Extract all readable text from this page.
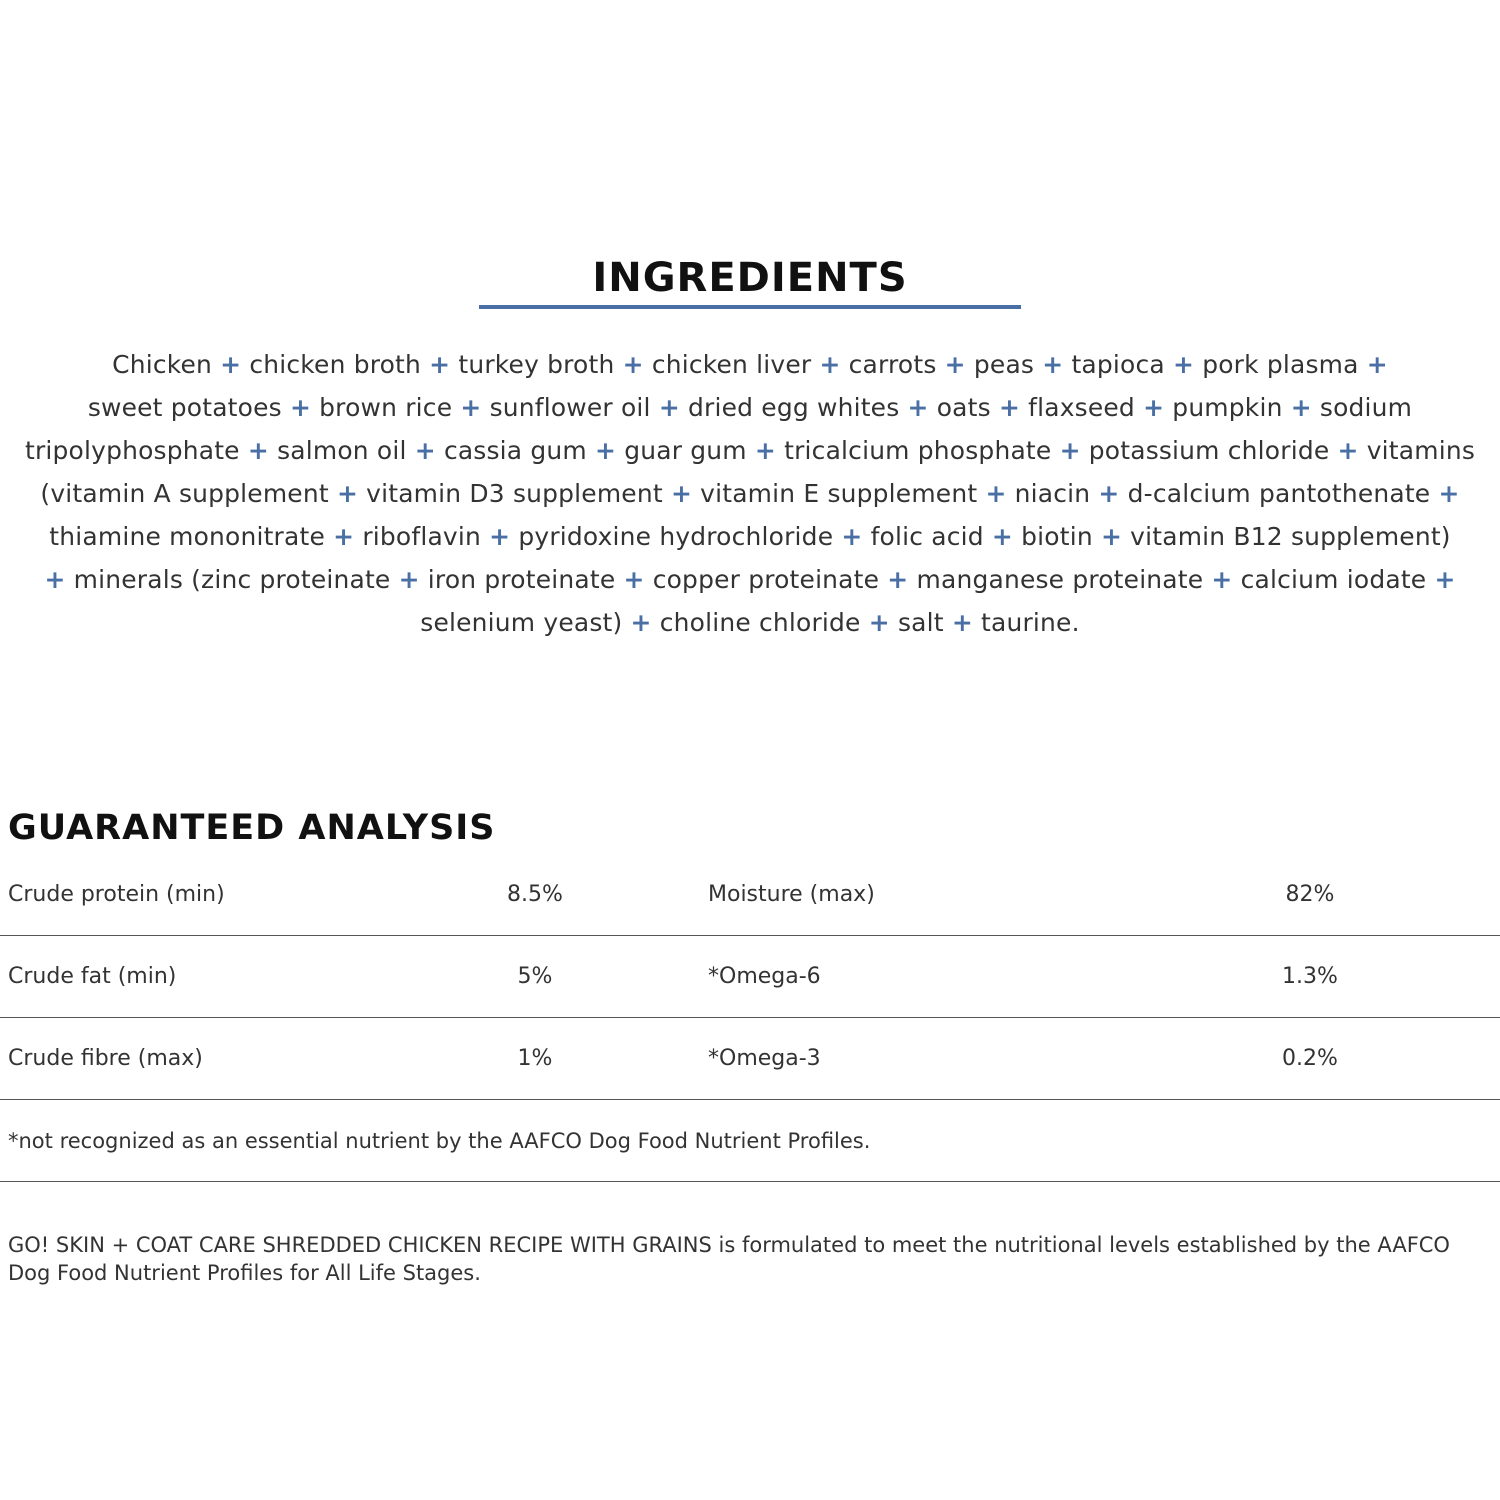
INGREDIENTS
Chicken + chicken broth + turkey broth + chicken liver + carrots + peas + tapioca + pork plasma +
sweet potatoes + brown rice + sunflower oil + dried egg whites + oats + flaxseed + pumpkin + sodium
tripolyphosphate + salmon oil + cassia gum + guar gum + tricalcium phosphate + potassium chloride + vitamins
(vitamin A supplement + vitamin D3 supplement + vitamin E supplement + niacin + d-calcium pantothenate +
thiamine mononitrate + riboflavin + pyridoxine hydrochloride + folic acid + biotin + vitamin B12 supplement)
+ minerals (zinc proteinate + iron proteinate + copper proteinate + manganese proteinate + calcium iodate +
selenium yeast) + choline chloride + salt + taurine.
GUARANTEED ANALYSIS
Crude protein (min)	8.5%	Moisture (max)	82%
Crude fat (min)	5%	*Omega-6	1.3%
Crude fibre (max)	1%	*Omega-3	0.2%
*not recognized as an essential nutrient by the AAFCO Dog Food Nutrient Profiles.

GO! SKIN + COAT CARE SHREDDED CHICKEN RECIPE WITH GRAINS is formulated to meet the nutritional levels established by the AAFCO Dog Food Nutrient Profiles for All Life Stages.
